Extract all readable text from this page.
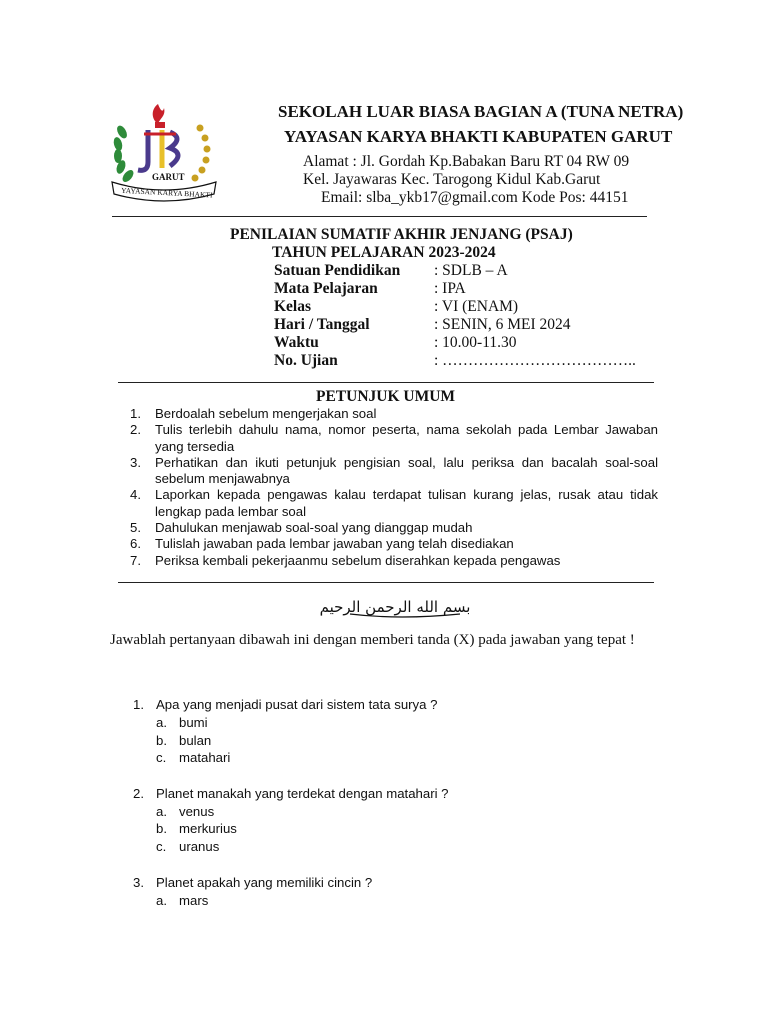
GARUT
YAYASAN KARYA BHAKTI
SEKOLAH LUAR BIASA BAGIAN A (TUNA NETRA)
YAYASAN KARYA BHAKTI KABUPATEN GARUT
Alamat : Jl. Gordah Kp.Babakan Baru RT 04 RW 09
Kel. Jayawaras Kec. Tarogong Kidul Kab.Garut
Email: slba_ykb17@gmail.com Kode Pos: 44151
PENILAIAN SUMATIF AKHIR JENJANG (PSAJ)
TAHUN PELAJARAN 2023-2024
Satuan Pendidikan : SDLB – A
Mata Pelajaran	: IPA
Kelas	: VI (ENAM)
Hari / Tanggal	: SENIN, 6 MEI 2024
Waktu	: 10.00-11.30
No. Ujian	: ………………………………..
PETUNJUK UMUM
1. Berdoalah sebelum mengerjakan soal
2. Tulis terlebih dahulu nama, nomor peserta, nama sekolah pada Lembar Jawaban yang tersedia
3. Perhatikan dan ikuti petunjuk pengisian soal, lalu periksa dan bacalah soal-soal sebelum menjawabnya
4. Laporkan kepada pengawas kalau terdapat tulisan kurang jelas, rusak atau tidak lengkap pada lembar soal
5. Dahulukan menjawab soal-soal yang dianggap mudah
6. Tulislah jawaban pada lembar jawaban yang telah disediakan
7. Periksa kembali pekerjaanmu sebelum diserahkan kepada pengawas
بسم الله الرحمن الرحيم
Jawablah pertanyaan dibawah ini dengan memberi tanda (X) pada jawaban yang tepat !
1. Apa yang menjadi pusat dari sistem tata surya ?
a. bumi
b. bulan
c. matahari
2. Planet manakah yang terdekat dengan matahari ?
a. venus
b. merkurius
c. uranus
3. Planet apakah yang memiliki cincin ?
a. mars
